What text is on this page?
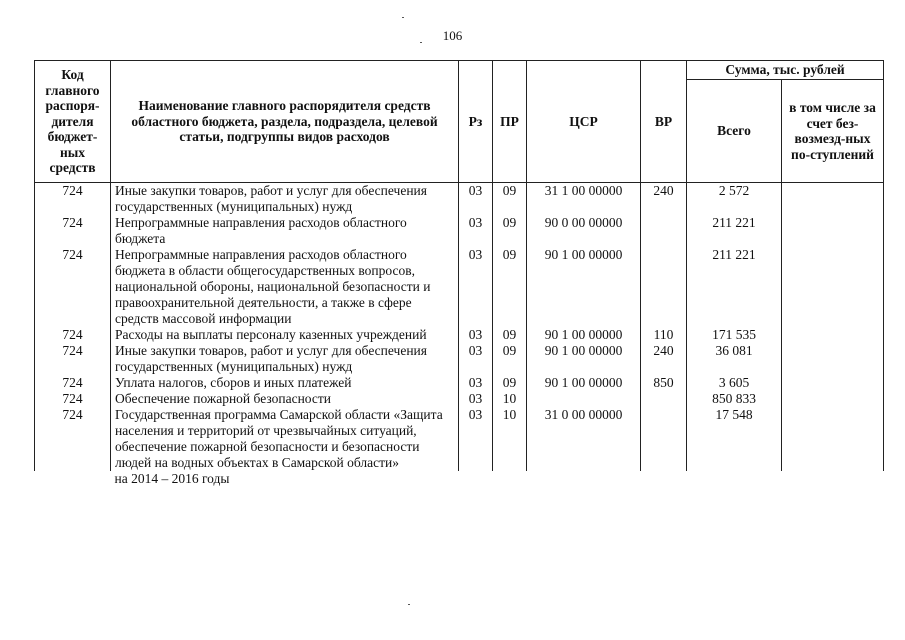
106
Код главного распоря-дителя бюджет-ных средств	Наименование главного распорядителя средств областного бюджета, раздела, подраздела, целевой статьи, подгруппы видов расходов	Рз	ПР	ЦСР	ВР	Сумма, тыс. рублей	
						Всего	в том числе за счет без-возмезд-ных по-ступлений
724	Иные закупки товаров, работ и услуг для обеспечения государственных (муниципальных) нужд	03	09	31 1 00 00000	240	2 572	
724	Непрограммные направления расходов областного бюджета	03	09	90 0 00 00000		211 221	
724	Непрограммные направления расходов областного бюджета в области общегосударственных вопросов, национальной обороны, национальной безопасности и правоохранительной деятельности, а также в сфере средств массовой информации	03	09	90 1 00 00000		211 221	
724	Расходы на выплаты персоналу казенных учреждений	03	09	90 1 00 00000	110	171 535	
724	Иные закупки товаров, работ и услуг для обеспечения государственных (муниципальных) нужд	03	09	90 1 00 00000	240	36 081	
724	Уплата налогов, сборов и иных платежей	03	09	90 1 00 00000	850	3 605	
724	Обеспечение пожарной безопасности	03	10			850 833	
724	Государственная программа Самарской области «Защита населения и территорий от чрезвычайных ситуаций, обеспечение пожарной безопасности и безопасности людей на водных объектах в Самарской области»	03	10	31 0 00 00000		17 548	
	на 2014 – 2016 годы						
